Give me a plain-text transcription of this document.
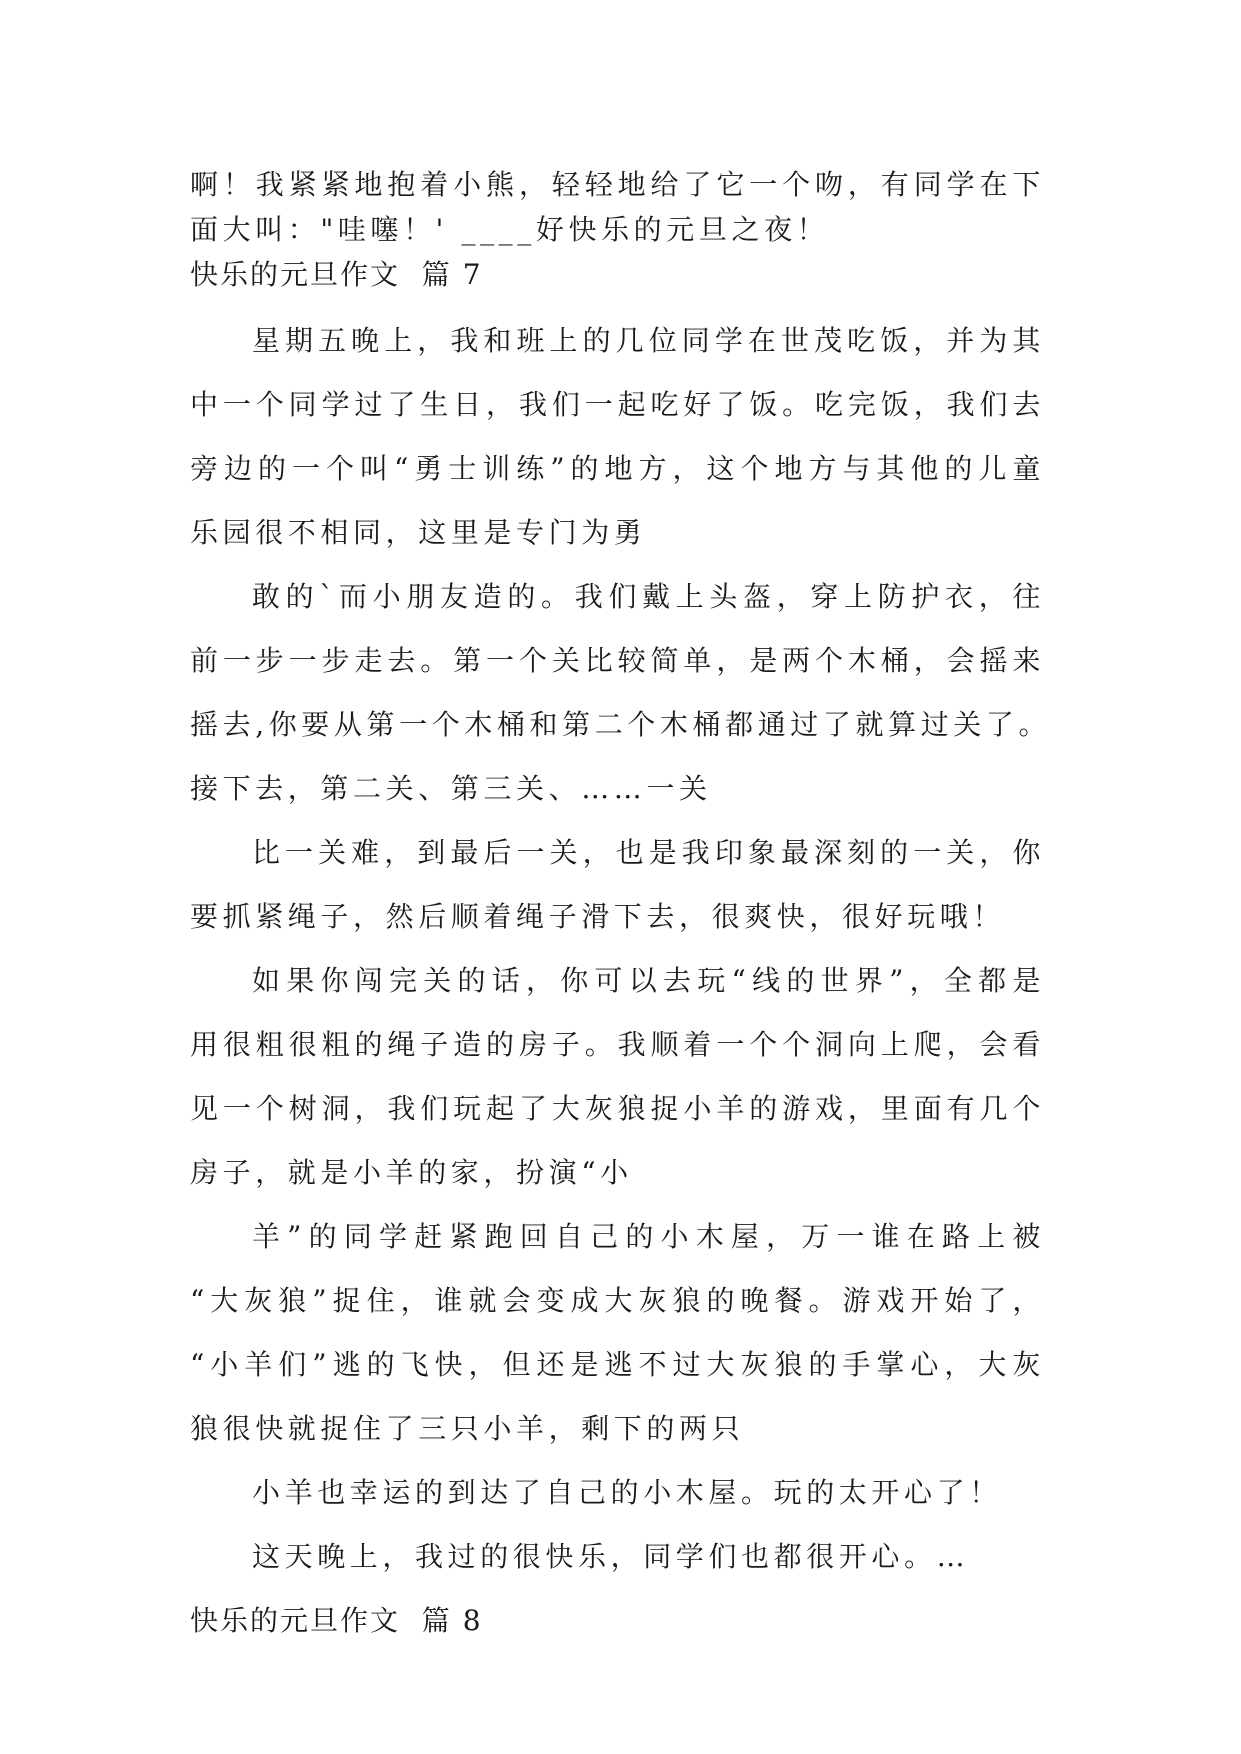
啊！我紧紧地抱着小熊，轻轻地给了它一个吻，有同学在下
面大叫："哇噻！' ____好快乐的元旦之夜！
快乐的元旦作文  篇 7
星期五晚上，我和班上的几位同学在世茂吃饭，并为其
中一个同学过了生日，我们一起吃好了饭。吃完饭，我们去
旁边的一个叫“勇士训练”的地方，这个地方与其他的儿童
乐园很不相同，这里是专门为勇
敢的`而小朋友造的。我们戴上头盔，穿上防护衣，往
前一步一步走去。第一个关比较简单，是两个木桶，会摇来
摇去,你要从第一个木桶和第二个木桶都通过了就算过关了。
接下去，第二关、第三关、……一关
比一关难，到最后一关，也是我印象最深刻的一关，你
要抓紧绳子，然后顺着绳子滑下去，很爽快，很好玩哦！
如果你闯完关的话，你可以去玩“线的世界”，全都是
用很粗很粗的绳子造的房子。我顺着一个个洞向上爬，会看
见一个树洞，我们玩起了大灰狼捉小羊的游戏，里面有几个
房子，就是小羊的家，扮演“小
羊”的同学赶紧跑回自己的小木屋，万一谁在路上被
“大灰狼”捉住，谁就会变成大灰狼的晚餐。游戏开始了，
“小羊们”逃的飞快，但还是逃不过大灰狼的手掌心，大灰
狼很快就捉住了三只小羊，剩下的两只
小羊也幸运的到达了自己的小木屋。玩的太开心了！
这天晚上，我过的很快乐，同学们也都很开心。…
快乐的元旦作文  篇 8
